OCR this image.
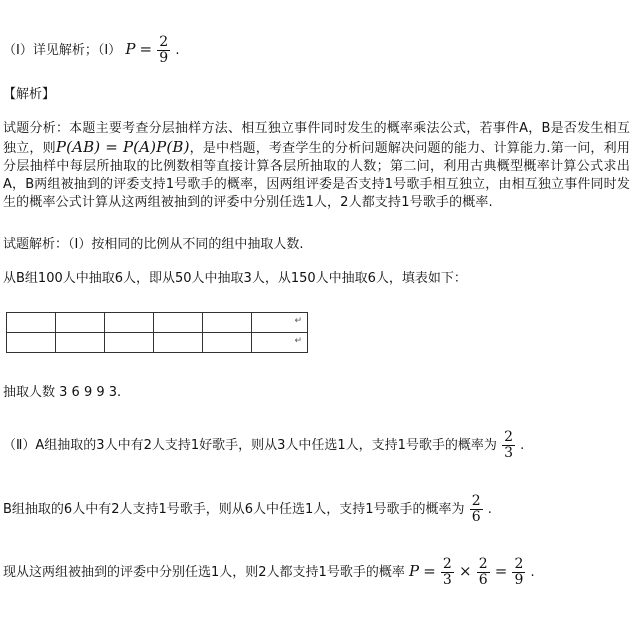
（Ⅰ）详见解析；（Ⅰ） $P = \frac{2}{9}$ .
【解析】
试题分析：本题主要考查分层抽样方法、相互独立事件同时发生的概率乘法公式，若事件A，B是否发生相互独立，则P(AB) = P(A)P(B)，是中档题，考查学生的分析问题解决问题的能力、计算能力.第一问，利用分层抽样中每层所抽取的比例数相等直接计算各层所抽取的人数；第二问，利用古典概型概率计算公式求出A，B两组被抽到的评委支持1号歌手的概率，因两组评委是否支持1号歌手相互独立，由相互独立事件同时发生的概率公式计算从这两组被抽到的评委中分别任选1人，2人都支持1号歌手的概率.
试题解析：（Ⅰ）按相同的比例从不同的组中抽取人数.
从B组100人中抽取6人，即从50人中抽取3人，从150人中抽取6人，填表如下：

					↵

					↵
抽取人数 3 6 9 9 3.
（Ⅱ）A组抽取的3人中有2人支持1好歌手，则从3人中任选1人，支持1号歌手的概率为 $\frac{2}{3}$ .
B组抽取的6人中有2人支持1号歌手，则从6人中任选1人，支持1号歌手的概率为 $\frac{2}{6}$ .
现从这两组被抽到的评委中分别任选1人，则2人都支持1号歌手的概率 $P = \frac{2}{3} \times \frac{2}{6} = \frac{2}{9}$ .
